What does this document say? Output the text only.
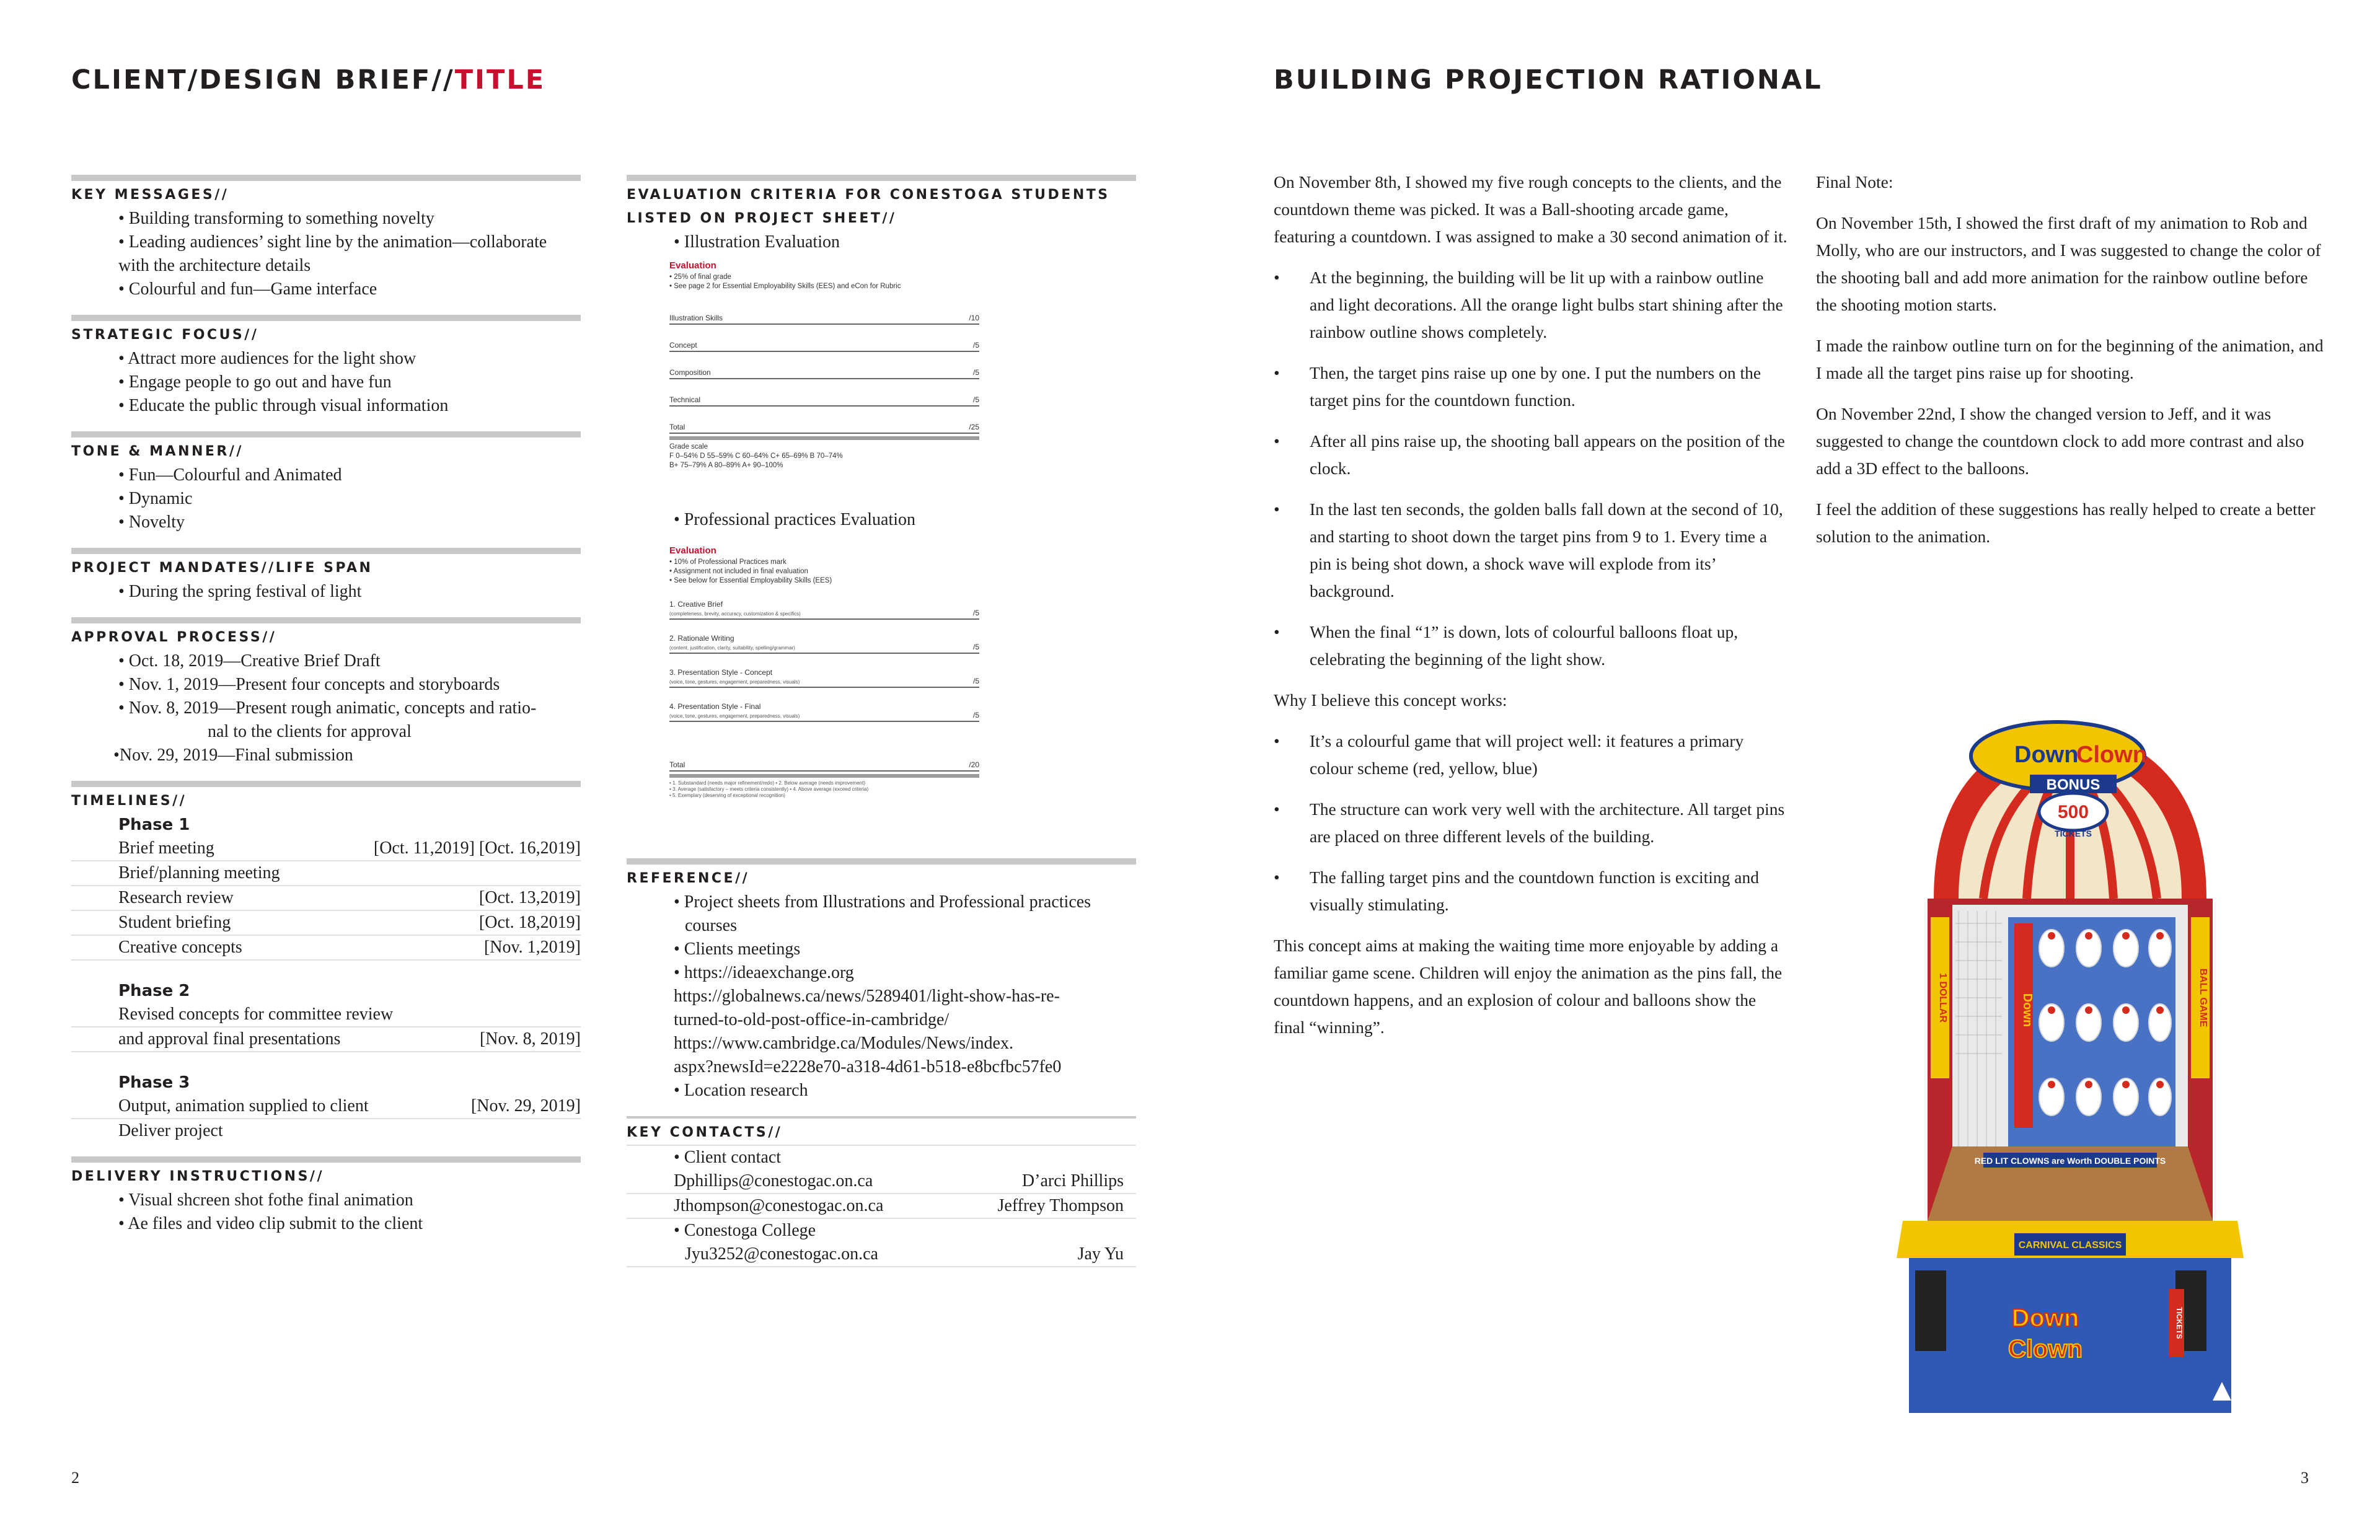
CLIENT/DESIGN BRIEF//TITLE
KEY MESSAGES//
• Building transforming to something novelty
• Leading audiences’ sight line by the animation—collaborate
with the architecture details
• Colourful and fun—Game interface
STRATEGIC FOCUS//
• Attract more audiences for the light show
• Engage people to go out and have fun
• Educate the public through visual information
TONE & MANNER//
• Fun—Colourful and Animated
• Dynamic
• Novelty
PROJECT MANDATES//LIFE SPAN
• During the spring festival of light
APPROVAL PROCESS//
• Oct. 18, 2019—Creative Brief Draft
• Nov. 1, 2019—Present four concepts and storyboards
• Nov. 8, 2019—Present rough animatic, concepts and ratio-
nal to the clients for approval
•Nov. 29, 2019—Final submission
TIMELINES//
Phase 1
Brief meeting	[Oct. 11,2019] [Oct. 16,2019]
Brief/planning meeting
Research review	[Oct. 13,2019]
Student briefing	[Oct. 18,2019]
Creative concepts	[Nov. 1,2019]
Phase 2
Revised concepts for committee review
and approval final presentations	[Nov. 8, 2019]
Phase 3
Output, animation supplied to client	[Nov. 29, 2019]
Deliver project
DELIVERY INSTRUCTIONS//
• Visual shcreen shot fothe final animation
• Ae files and video clip submit to the client
EVALUATION CRITERIA FOR CONESTOGA STUDENTS
LISTED ON PROJECT SHEET//
• Illustration Evaluation
Evaluation
• 25% of final grade
• See page 2 for Essential Employability Skills (EES) and eCon for Rubric
Illustration Skills	/10
Concept	/5
Composition	/5
Technical	/5
Total	/25
Grade scale
F 0–54% D 55–59% C 60–64% C+ 65–69% B 70–74%
B+ 75–79% A 80–89% A+ 90–100%
• Professional practices Evaluation
Evaluation
• 10% of Professional Practices mark
• Assignment not included in final evaluation
• See below for Essential Employability Skills (EES)
1. Creative Brief
(completeness, brevity, accuracy, customization & specifics)	/5
2. Rationale Writing
(content, justification, clarity, suitability, spelling/grammar)	/5
3. Presentation Style - Concept
(voice, tone, gestures, engagement, preparedness, visuals)	/5
4. Presentation Style - Final
(voice, tone, gestures, engagement, preparedness, visuals)	/5
Total	/20
• 1. Substandard (needs major refinement/redo) • 2. Below average (needs improvement)
• 3. Average (satisfactory – meets criteria consistently) • 4. Above average (exceed criteria)
• 5. Exemplary (deserving of exceptional recognition)
REFERENCE//
• Project sheets from Illustrations and Professional practices
courses
• Clients meetings
• https://ideaexchange.org
https://globalnews.ca/news/5289401/light-show-has-re-
turned-to-old-post-office-in-cambridge/
https://www.cambridge.ca/Modules/News/index.
aspx?newsId=e2228e70-a318-4d61-b518-e8bcfbc57fe0
• Location research
KEY CONTACTS//
• Client contact
Dphillips@conestogac.on.ca	D’arci Phillips
Jthompson@conestogac.on.ca	Jeffrey Thompson
• Conestoga College
Jyu3252@conestogac.on.ca	Jay Yu
2
BUILDING PROJECTION RATIONAL
On November 8th, I showed my five rough concepts to the clients, and the countdown theme was picked. It was a Ball-shooting arcade game, featuring a countdown. I was assigned to make a 30 second animation of it.
•	At the beginning, the building will be lit up with a rainbow outline and light decorations. All the orange light bulbs start shining after the rainbow outline shows completely.
•	Then, the target pins raise up one by one. I put the numbers on the target pins for the countdown function.
•	After all pins raise up, the shooting ball appears on the position of the clock.
•	In the last ten seconds, the golden balls fall down at the second of 10, and starting to shoot down the target pins from 9 to 1. Every time a pin is being shot down, a shock wave will explode from its’ background.
•	When the final “1” is down, lots of colourful balloons float up, celebrating the beginning of the light show.
Why I believe this concept works:
•	It’s a colourful game that will project well: it features a primary colour scheme (red, yellow, blue)
•	The structure can work very well with the architecture. All target pins are placed on three different levels of the building.
•	The falling target pins and the countdown function is exciting and visually stimulating.
This concept aims at making the waiting time more enjoyable by adding a familiar game scene. Children will enjoy the animation as the pins fall, the countdown happens, and an explosion of colour and balloons show the final “winning”.
Final Note:
On November 15th, I showed the first draft of my animation to Rob and Molly, who are our instructors, and I was suggested to change the color of the shooting ball and add more animation for the rainbow outline before the shooting motion starts.
I made the rainbow outline turn on for the beginning of the animation, and I made all the target pins raise up for shooting.
On November 22nd, I show the changed version to Jeff, and it was suggested to change the countdown clock to add more contrast and also add a 3D effect to the balloons.
I feel the addition of these suggestions has really helped to create a better solution to the animation.
Down
Clown
BONUS
500
TICKETS
Down
1 DOLLAR	BALL GAME
RED LIT CLOWNS are Worth DOUBLE POINTS
CARNIVAL CLASSICS
TICKETS
Down
Clown
3
